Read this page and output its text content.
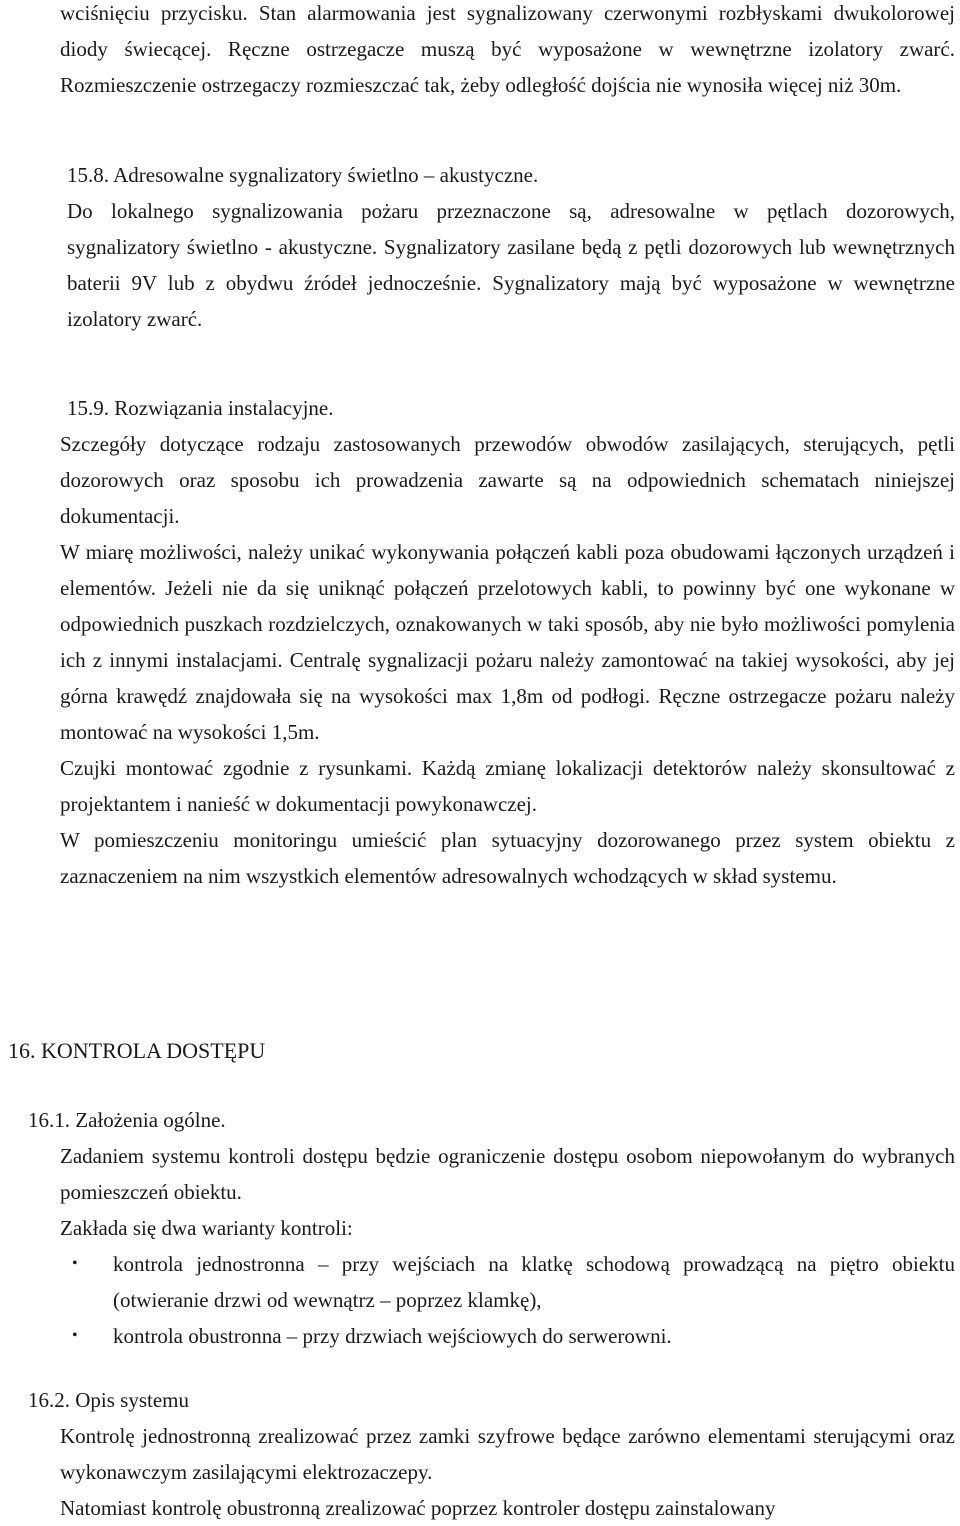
wciśnięciu przycisku. Stan alarmowania jest sygnalizowany czerwonymi rozbłyskami dwukolorowej diody świecącej. Ręczne ostrzegacze muszą być wyposażone w wewnętrzne izolatory zwarć. Rozmieszczenie ostrzegaczy rozmieszczać tak, żeby odległość dojścia nie wynosiła więcej niż 30m.

15.8. Adresowalne sygnalizatory świetlno – akustyczne.

Do lokalnego sygnalizowania pożaru przeznaczone są, adresowalne w pętlach dozorowych, sygnalizatory świetlno - akustyczne. Sygnalizatory zasilane będą z pętli dozorowych lub wewnętrznych baterii 9V lub z obydwu źródeł jednocześnie. Sygnalizatory mają być wyposażone w wewnętrzne izolatory zwarć.

15.9. Rozwiązania instalacyjne.

Szczegóły dotyczące rodzaju zastosowanych przewodów obwodów zasilających, sterujących, pętli dozorowych oraz sposobu ich prowadzenia zawarte są na odpowiednich schematach niniejszej dokumentacji.

W miarę możliwości, należy unikać wykonywania połączeń kabli poza obudowami łączonych urządzeń i elementów. Jeżeli nie da się uniknąć połączeń przelotowych kabli, to powinny być one wykonane w odpowiednich puszkach rozdzielczych, oznakowanych w taki sposób, aby nie było możliwości pomylenia ich z innymi instalacjami. Centralę sygnalizacji pożaru należy zamontować na takiej wysokości, aby jej górna krawędź znajdowała się na wysokości max 1,8m od podłogi. Ręczne ostrzegacze pożaru należy montować na wysokości 1,5m.

Czujki montować zgodnie z rysunkami. Każdą zmianę lokalizacji detektorów należy skonsultować z projektantem i nanieść w dokumentacji powykonawczej.

W pomieszczeniu monitoringu umieścić plan sytuacyjny dozorowanego przez system obiektu z zaznaczeniem na nim wszystkich elementów adresowalnych wchodzących w skład systemu.

16. KONTROLA DOSTĘPU

16.1. Założenia ogólne.

Zadaniem systemu kontroli dostępu będzie ograniczenie dostępu osobom niepowołanym do wybranych pomieszczeń obiektu.

Zakłada się dwa warianty kontroli:

• kontrola jednostronna – przy wejściach na klatkę schodową prowadzącą na piętro obiektu (otwieranie drzwi od wewnątrz – poprzez klamkę),
• kontrola obustronna – przy drzwiach wejściowych do serwerowni.

16.2. Opis systemu

Kontrolę jednostronną zrealizować przez zamki szyfrowe będące zarówno elementami sterującymi oraz wykonawczym zasilającymi elektrozaczepy.

Natomiast kontrolę obustronną zrealizować poprzez kontroler dostępu zainstalowany
